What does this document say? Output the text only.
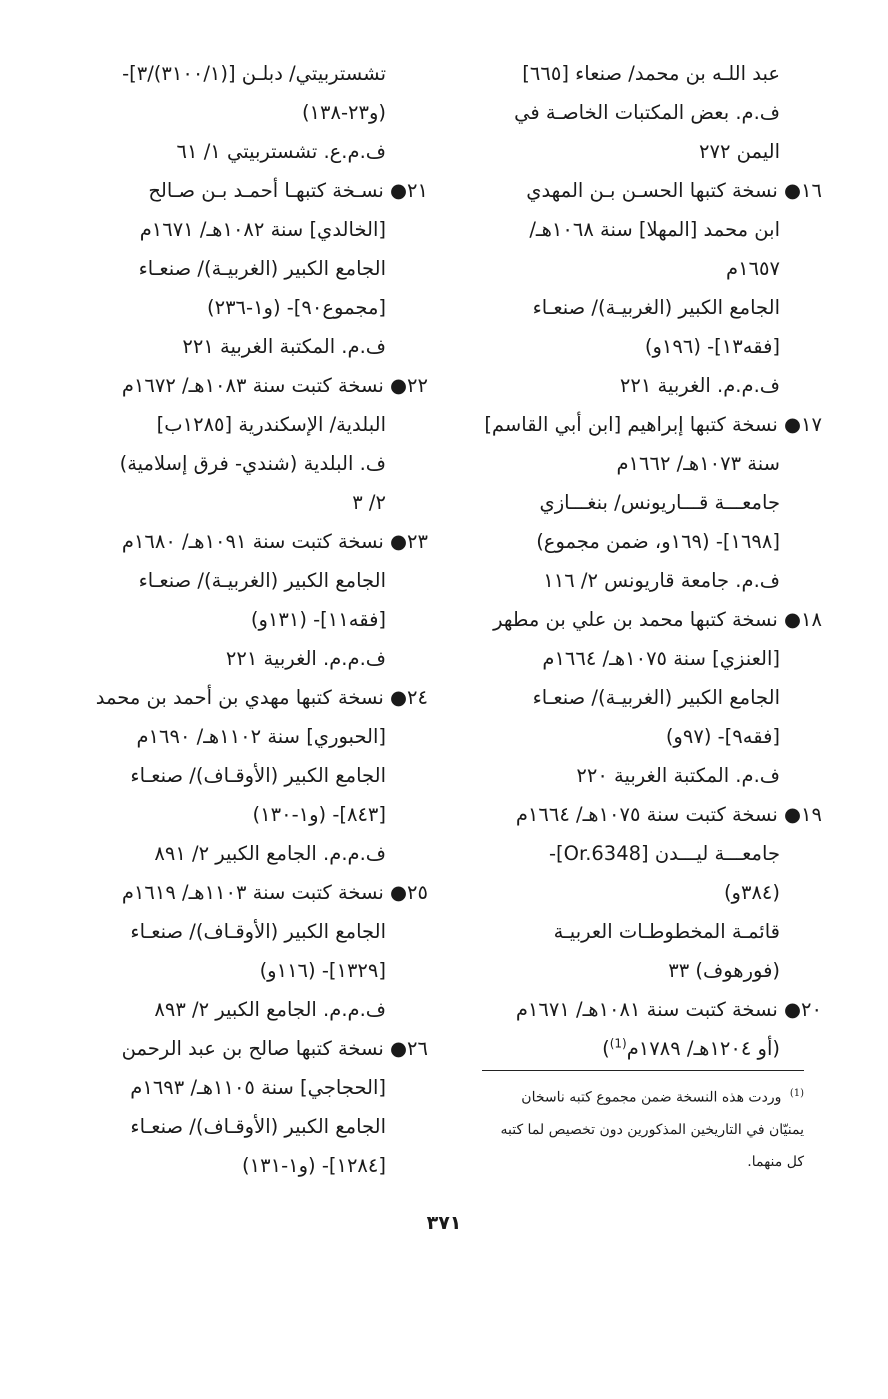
عبد اللـه بن محمد/ صنعاء [٦٦٥]
ف.م. بعض المكتبات الخاصـة في
اليمن ٢٧٢
١٦● نسخة كتبها الحسـن بـن المهدي
ابن محمد [المهلا] سنة ١٠٦٨هـ/
١٦٥٧م
الجامع الكبير (الغربيـة)/ صنعـاء
[فقه١٣]- (١٩٦و)
ف.م.م. الغربية ٢٢١
١٧● نسخة كتبها إبراهيم [ابن أبي القاسم]
سنة ١٠٧٣هـ/ ١٦٦٢م
جامعـــة قـــاريونس/ بنغـــازي
[١٦٩٨]- (١٦٩و، ضمن مجموع)
ف.م. جامعة قاريونس ٢/ ١١٦
١٨● نسخة كتبها محمد بن علي بن مطهر
[العنزي] سنة ١٠٧٥هـ/ ١٦٦٤م
الجامع الكبير (الغربيـة)/ صنعـاء
[فقه٩]- (٩٧و)
ف.م. المكتبة الغربية ٢٢٠
١٩● نسخة كتبت سنة ١٠٧٥هـ/ ١٦٦٤م
جامعـــة ليـــدن [Or.6348]-
(٣٨٤و)
قائمـة المخطوطـات العربيـة
(فورهوف) ٣٣
٢٠● نسخة كتبت سنة ١٠٨١هـ/ ١٦٧١م
(أو ١٢٠٤هـ/ ١٧٨٩م$^{(1)}$)
تشستربيتي/ دبلـن [(٣١٠٠/١)/٣]-
(و٢٣-١٣٨)
ف.م.ع. تشستربيتي ١/ ٦١
٢١● نسـخة كتبهـا أحمـد بـن صـالح
[الخالدي] سنة ١٠٨٢هـ/ ١٦٧١م
الجامع الكبير (الغربيـة)/ صنعـاء
[مجموع٩٠]- (و١-٢٣٦)
ف.م. المكتبة الغربية ٢٢١
٢٢● نسخة كتبت سنة ١٠٨٣هـ/ ١٦٧٢م
البلدية/ الإسكندرية [١٢٨٥ب]
ف. البلدية (شندي- فرق إسلامية)
٢/ ٣
٢٣● نسخة كتبت سنة ١٠٩١هـ/ ١٦٨٠م
الجامع الكبير (الغربيـة)/ صنعـاء
[فقه١١]- (١٣١و)
ف.م.م. الغربية ٢٢١
٢٤● نسخة كتبها مهدي بن أحمد بن محمد
[الحبوري] سنة ١١٠٢هـ/ ١٦٩٠م
الجامع الكبير (الأوقـاف)/ صنعـاء
[٨٤٣]- (و١-١٣٠)
ف.م.م. الجامع الكبير ٢/ ٨٩١
٢٥● نسخة كتبت سنة ١١٠٣هـ/ ١٦١٩م
الجامع الكبير (الأوقـاف)/ صنعـاء
[١٣٢٩]- (١١٦و)
ف.م.م. الجامع الكبير ٢/ ٨٩٣
٢٦● نسخة كتبها صالح بن عبد الرحمن
[الحجاجي] سنة ١١٠٥هـ/ ١٦٩٣م
الجامع الكبير (الأوقـاف)/ صنعـاء
[١٢٨٤]- (و١-١٣١)
$^{(1)}$ وردت هذه النسخة ضمن مجموع كتبه ناسخان يمنيّان في التاريخين المذكورين دون تخصيص لما كتبه كل منهما.
٣٧١
